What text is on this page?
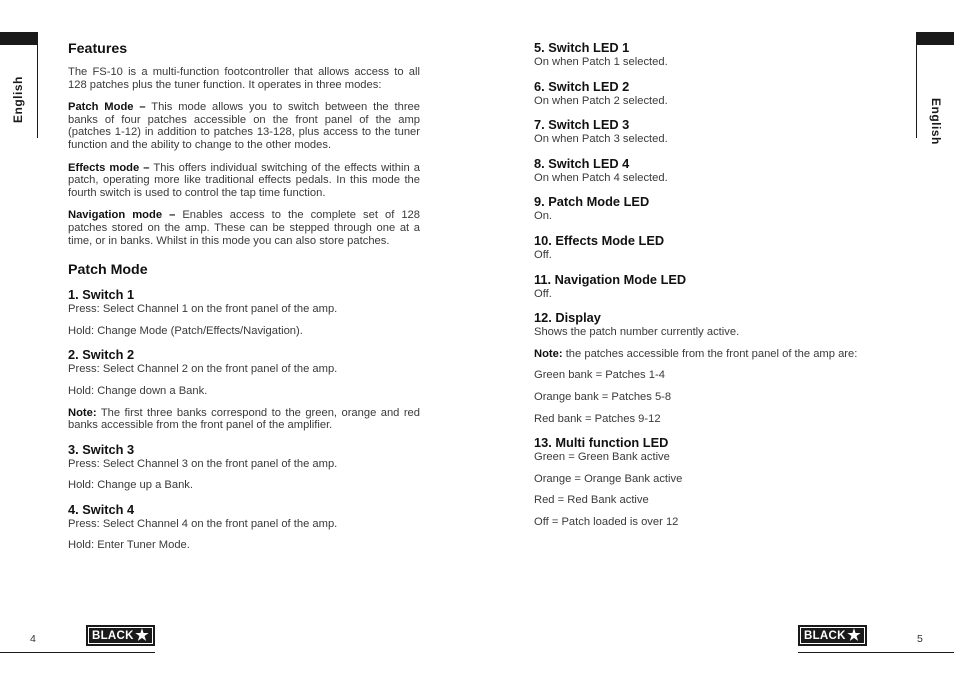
English	English
Features

The FS-10 is a multi-function footcontroller that allows access to all 128 patches plus the tuner function. It operates in three modes:

Patch Mode – This mode allows you to switch between the three banks of four patches accessible on the front panel of the amp (patches 1-12) in addition to patches 13-128, plus access to the tuner function and the ability to change to the other modes.

Effects mode – This offers individual switching of the effects within a patch, operating more like traditional effects pedals. In this mode the fourth switch is used to control the tap time function.

Navigation mode – Enables access to the complete set of 128 patches stored on the amp. These can be stepped through one at a time, or in banks. Whilst in this mode you can also store patches.

Patch Mode
1. Switch 1

Press: Select Channel 1 on the front panel of the amp.

Hold: Change Mode (Patch/Effects/Navigation).

2. Switch 2

Press: Select Channel 2 on the front panel of the amp.

Hold: Change down a Bank.

Note: The first three banks correspond to the green, orange and red banks accessible from the front panel of the amplifier.

3. Switch 3

Press: Select Channel 3 on the front panel of the amp.

Hold: Change up a Bank.

4. Switch 4

Press: Select Channel 4 on the front panel of the amp.

Hold: Enter Tuner Mode.

5. Switch LED 1

On when Patch 1 selected.

6. Switch LED 2

On when Patch 2 selected.

7. Switch LED 3

On when Patch 3 selected.

8. Switch LED 4

On when Patch 4 selected.

9. Patch Mode LED

On.

10. Effects Mode LED

Off.

11. Navigation Mode LED

Off.

12. Display

Shows the patch number currently active.

Note: the patches accessible from the front panel of the amp are:

Green bank = Patches 1-4

Orange bank = Patches 5-8

Red bank = Patches 9-12

13. Multi function LED

Green = Green Bank active

Orange = Orange Bank active

Red = Red Bank active

Off = Patch loaded is over 12

4	BLACK ★	5
BLACK ★
